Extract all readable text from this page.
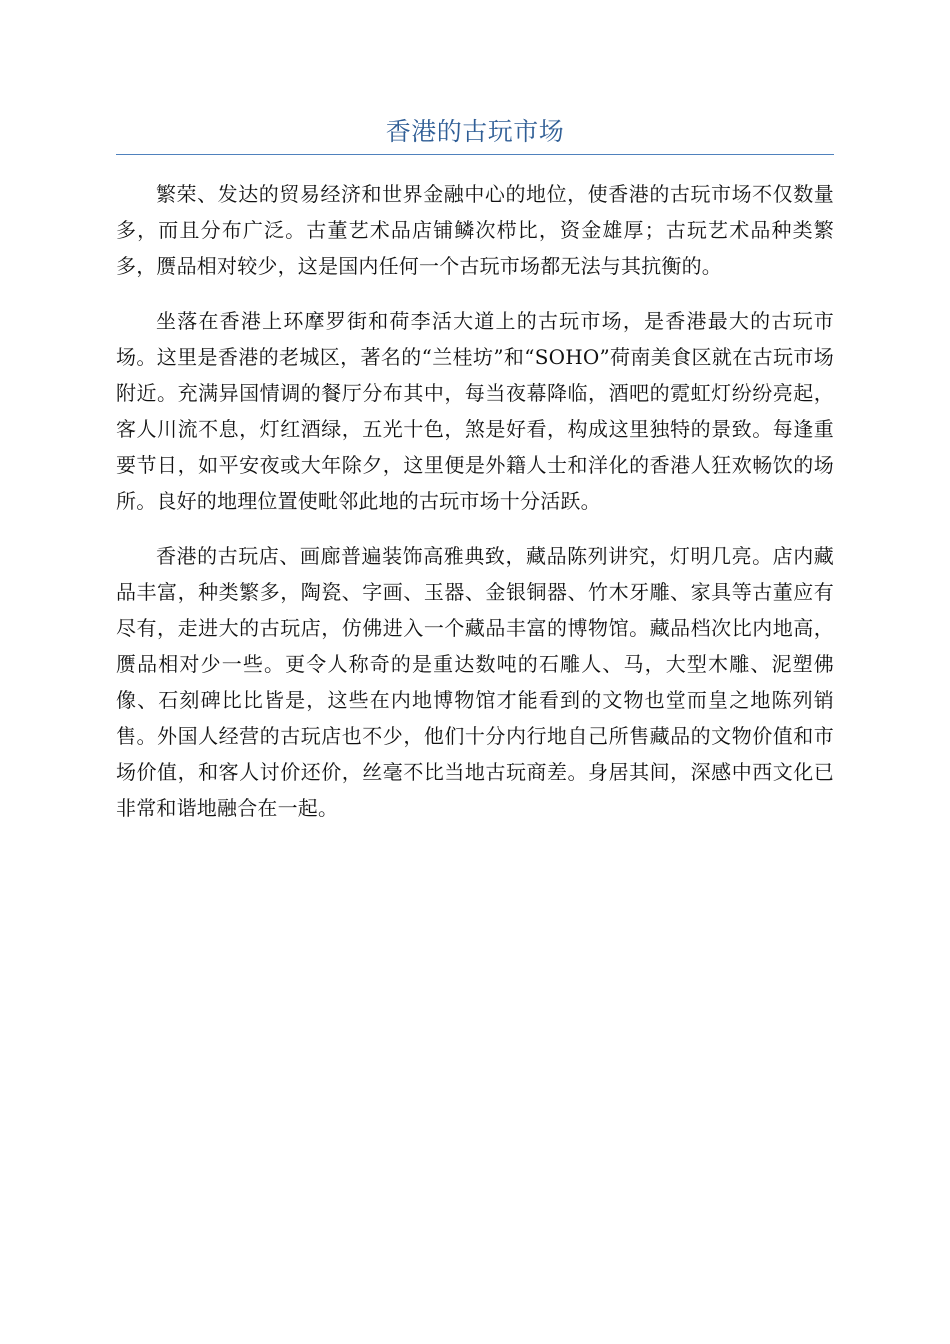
香港的古玩市场

繁荣、发达的贸易经济和世界金融中心的地位，使香港的古玩市场不仅数量多，而且分布广泛。古董艺术品店铺鳞次栉比，资金雄厚；古玩艺术品种类繁多，赝品相对较少，这是国内任何一个古玩市场都无法与其抗衡的。

坐落在香港上环摩罗街和荷李活大道上的古玩市场，是香港最大的古玩市场。这里是香港的老城区，著名的“兰桂坊”和“SOHO”荷南美食区就在古玩市场附近。充满异国情调的餐厅分布其中，每当夜幕降临，酒吧的霓虹灯纷纷亮起，客人川流不息，灯红酒绿，五光十色，煞是好看，构成这里独特的景致。每逢重要节日，如平安夜或大年除夕，这里便是外籍人士和洋化的香港人狂欢畅饮的场所。良好的地理位置使毗邻此地的古玩市场十分活跃。

香港的古玩店、画廊普遍装饰高雅典致，藏品陈列讲究，灯明几亮。店内藏品丰富，种类繁多，陶瓷、字画、玉器、金银铜器、竹木牙雕、家具等古董应有尽有，走进大的古玩店，仿佛进入一个藏品丰富的博物馆。藏品档次比内地高，赝品相对少一些。更令人称奇的是重达数吨的石雕人、马，大型木雕、泥塑佛像、石刻碑比比皆是，这些在内地博物馆才能看到的文物也堂而皇之地陈列销售。外国人经营的古玩店也不少，他们十分内行地自己所售藏品的文物价值和市场价值，和客人讨价还价，丝毫不比当地古玩商差。身居其间，深感中西文化已非常和谐地融合在一起。
